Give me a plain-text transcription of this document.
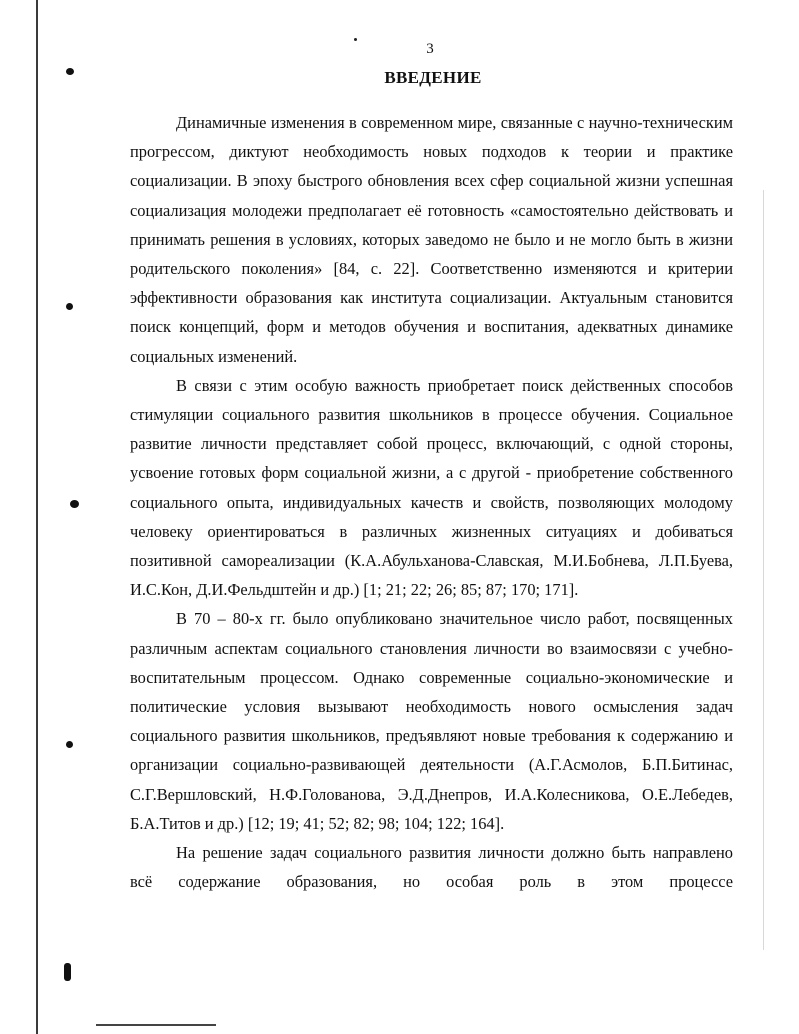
3
ВВЕДЕНИЕ

Динамичные изменения в современном мире, связанные с научно-техническим прогрессом, диктуют необходимость новых подходов к теории и практике социализации. В эпоху быстрого обновления всех сфер социальной жизни успешная социализация молодежи предполагает её готовность «самостоятельно действовать и принимать решения в условиях, которых заведомо не было и не могло быть в жизни родительского поколения» [84, с. 22]. Соответственно изменяются и критерии эффективности образования как института социализации. Актуальным становится поиск концепций, форм и методов обучения и воспитания, адекватных динамике социальных изменений.

В связи с этим особую важность приобретает поиск действенных способов стимуляции социального развития школьников в процессе обучения. Социальное развитие личности представляет собой процесс, включающий, с одной стороны, усвоение готовых форм социальной жизни, а с другой - приобретение собственного социального опыта, индивидуальных качеств и свойств, позволяющих молодому человеку ориентироваться в различных жизненных ситуациях и добиваться позитивной самореализации (К.А.Абульханова-Славская, М.И.Бобнева, Л.П.Буева, И.С.Кон, Д.И.Фельдштейн и др.) [1; 21; 22; 26; 85; 87; 170; 171].

В 70 – 80-х гг. было опубликовано значительное число работ, посвященных различным аспектам социального становления личности во взаимосвязи с учебно-воспитательным процессом. Однако современные социально-экономические и политические условия вызывают необходимость нового осмысления задач социального развития школьников, предъявляют новые требования к содержанию и организации социально-развивающей деятельности (А.Г.Асмолов, Б.П.Битинас, С.Г.Вершловский, Н.Ф.Голованова, Э.Д.Днепров, И.А.Колесникова, О.Е.Лебедев, Б.А.Титов и др.) [12; 19; 41; 52; 82; 98; 104; 122; 164].

На решение задач социального развития личности должно быть направлено всё содержание образования, но особая роль в этом процессе
